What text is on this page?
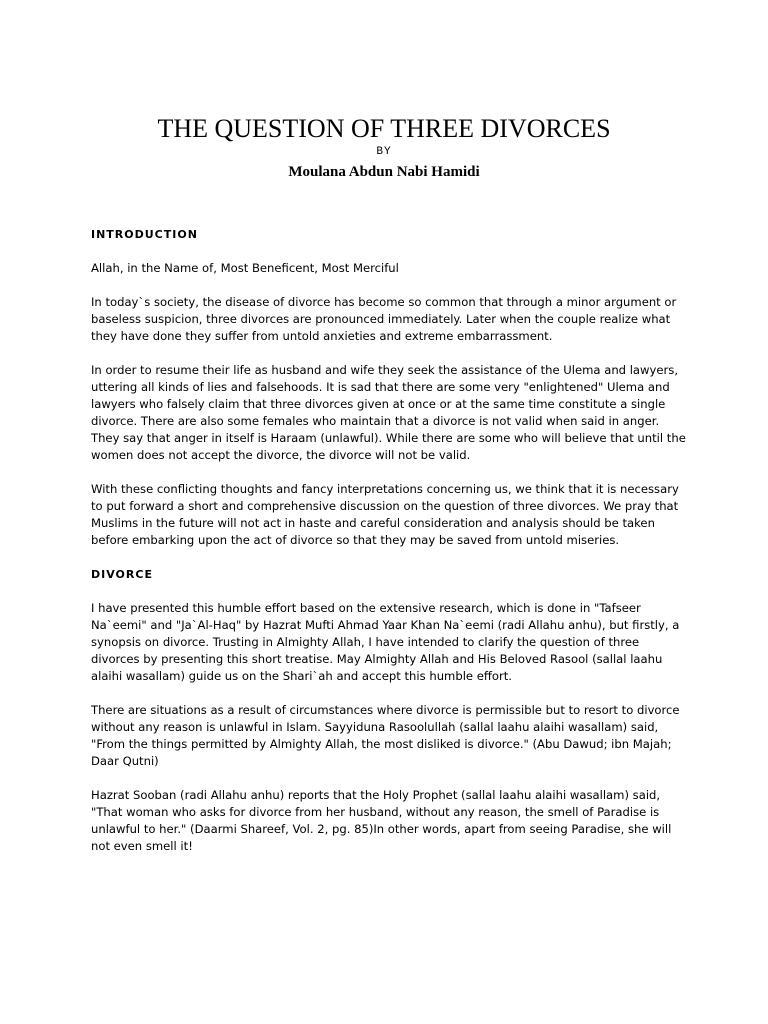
THE QUESTION OF THREE DIVORCES
BY
Moulana Abdun Nabi Hamidi

INTRODUCTION

Allah, in the Name of, Most Beneficent, Most Merciful

In today`s society, the disease of divorce has become so common that through a minor argument or baseless suspicion, three divorces are pronounced immediately. Later when the couple realize what they have done they suffer from untold anxieties and extreme embarrassment.

In order to resume their life as husband and wife they seek the assistance of the Ulema and lawyers, uttering all kinds of lies and falsehoods. It is sad that there are some very "enlightened" Ulema and lawyers who falsely claim that three divorces given at once or at the same time constitute a single divorce. There are also some females who maintain that a divorce is not valid when said in anger. They say that anger in itself is Haraam (unlawful). While there are some who will believe that until the women does not accept the divorce, the divorce will not be valid.

With these conflicting thoughts and fancy interpretations concerning us, we think that it is necessary to put forward a short and comprehensive discussion on the question of three divorces. We pray that Muslims in the future will not act in haste and careful consideration and analysis should be taken before embarking upon the act of divorce so that they may be saved from untold miseries.

DIVORCE

I have presented this humble effort based on the extensive research, which is done in "Tafseer Na`eemi" and "Ja`Al-Haq" by Hazrat Mufti Ahmad Yaar Khan Na`eemi (radi Allahu anhu), but firstly, a synopsis on divorce. Trusting in Almighty Allah, I have intended to clarify the question of three divorces by presenting this short treatise. May Almighty Allah and His Beloved Rasool (sallal laahu alaihi wasallam) guide us on the Shari`ah and accept this humble effort.

There are situations as a result of circumstances where divorce is permissible but to resort to divorce without any reason is unlawful in Islam. Sayyiduna Rasoolullah (sallal laahu alaihi wasallam) said, "From the things permitted by Almighty Allah, the most disliked is divorce." (Abu Dawud; ibn Majah; Daar Qutni)

Hazrat Sooban (radi Allahu anhu) reports that the Holy Prophet (sallal laahu alaihi wasallam) said, "That woman who asks for divorce from her husband, without any reason, the smell of Paradise is unlawful to her." (Daarmi Shareef, Vol. 2, pg. 85)In other words, apart from seeing Paradise, she will not even smell it!
